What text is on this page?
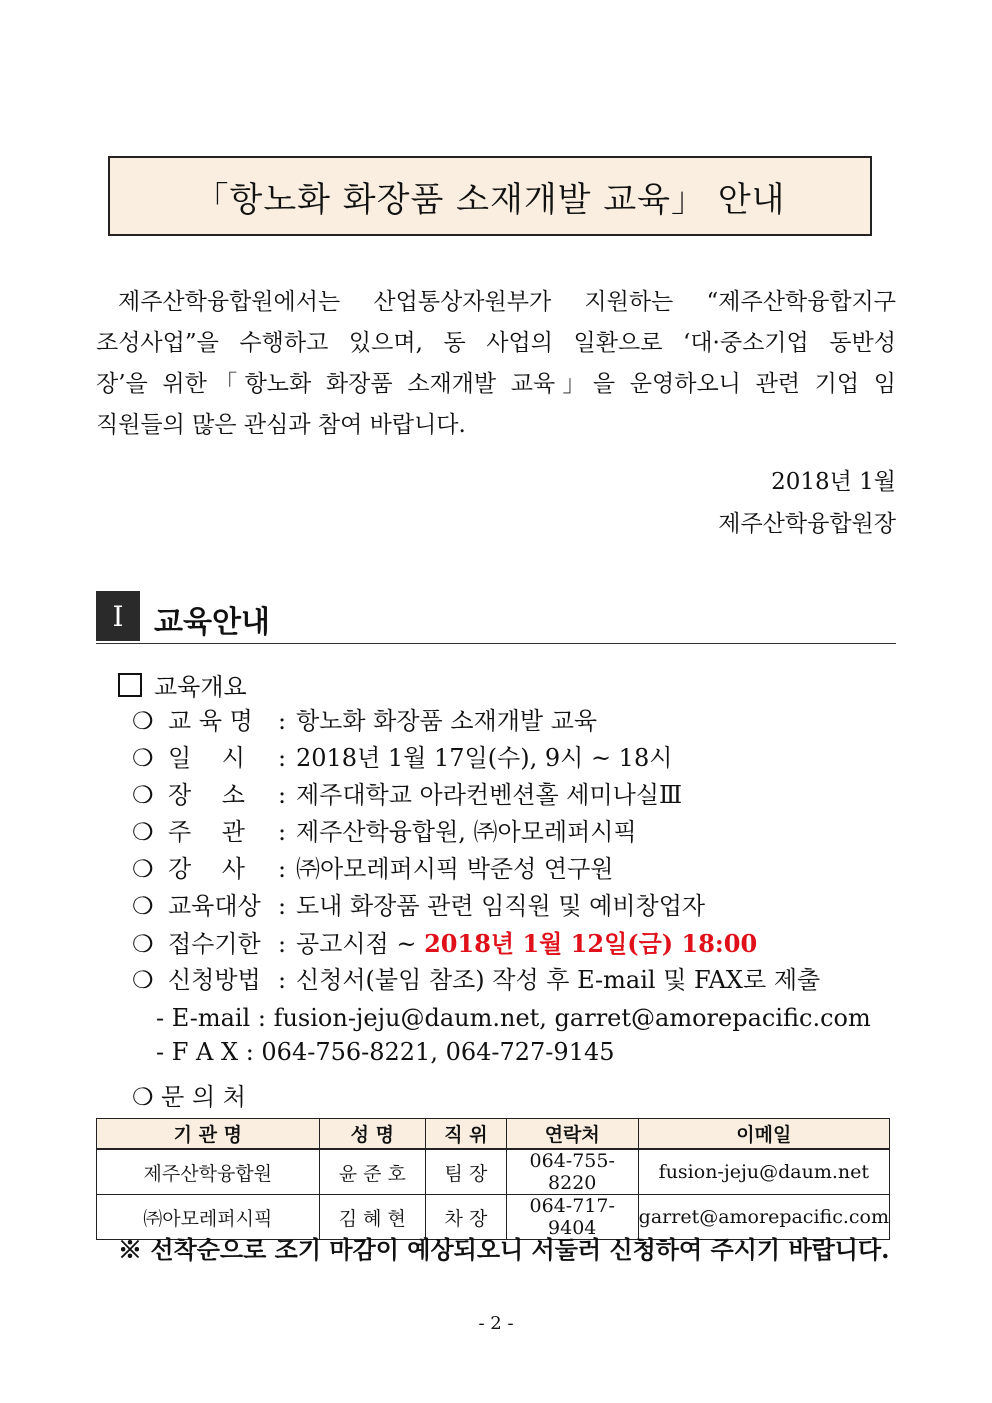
「항노화 화장품 소재개발 교육」 안내
제주산학융합원에서는 산업통상자원부가 지원하는 “제주산학융합지구
조성사업”을 수행하고 있으며, 동 사업의 일환으로 ‘대·중소기업 동반성
장’을 위한「항노화 화장품 소재개발 교육」을 운영하오니 관련 기업 임
직원들의 많은 관심과 참여 바랍니다.
2018년 1월
제주산학융합원장
Ⅰ	교육안내
교육개요
❍ 교 육 명 : 항노화 화장품 소재개발 교육
❍ 일    시 : 2018년 1월 17일(수), 9시 ~ 18시
❍ 장    소 : 제주대학교 아라컨벤션홀 세미나실Ⅲ
❍ 주    관 : 제주산학융합원, ㈜아모레퍼시픽
❍ 강    사 : ㈜아모레퍼시픽 박준성 연구원
❍ 교육대상 : 도내 화장품 관련 임직원 및 예비창업자
❍ 접수기한 : 공고시점 ~ 2018년 1월 12일(금) 18:00
❍ 신청방법 : 신청서(붙임 참조) 작성 후 E-mail 및 FAX로 제출
- E-mail : fusion-jeju@daum.net, garret@amorepacific.com
- F A X : 064-756-8221, 064-727-9145
❍ 문 의 처
기 관 명	성 명	직 위	연락처	이메일
제주산학융합원	윤 준 호	팀 장	064-755-8220	fusion-jeju@daum.net
㈜아모레퍼시픽	김 혜 현	차 장	064-717-9404	garret@amorepacific.com
※ 선착순으로 조기 마감이 예상되오니 서둘러 신청하여 주시기 바랍니다.
- 2 -
